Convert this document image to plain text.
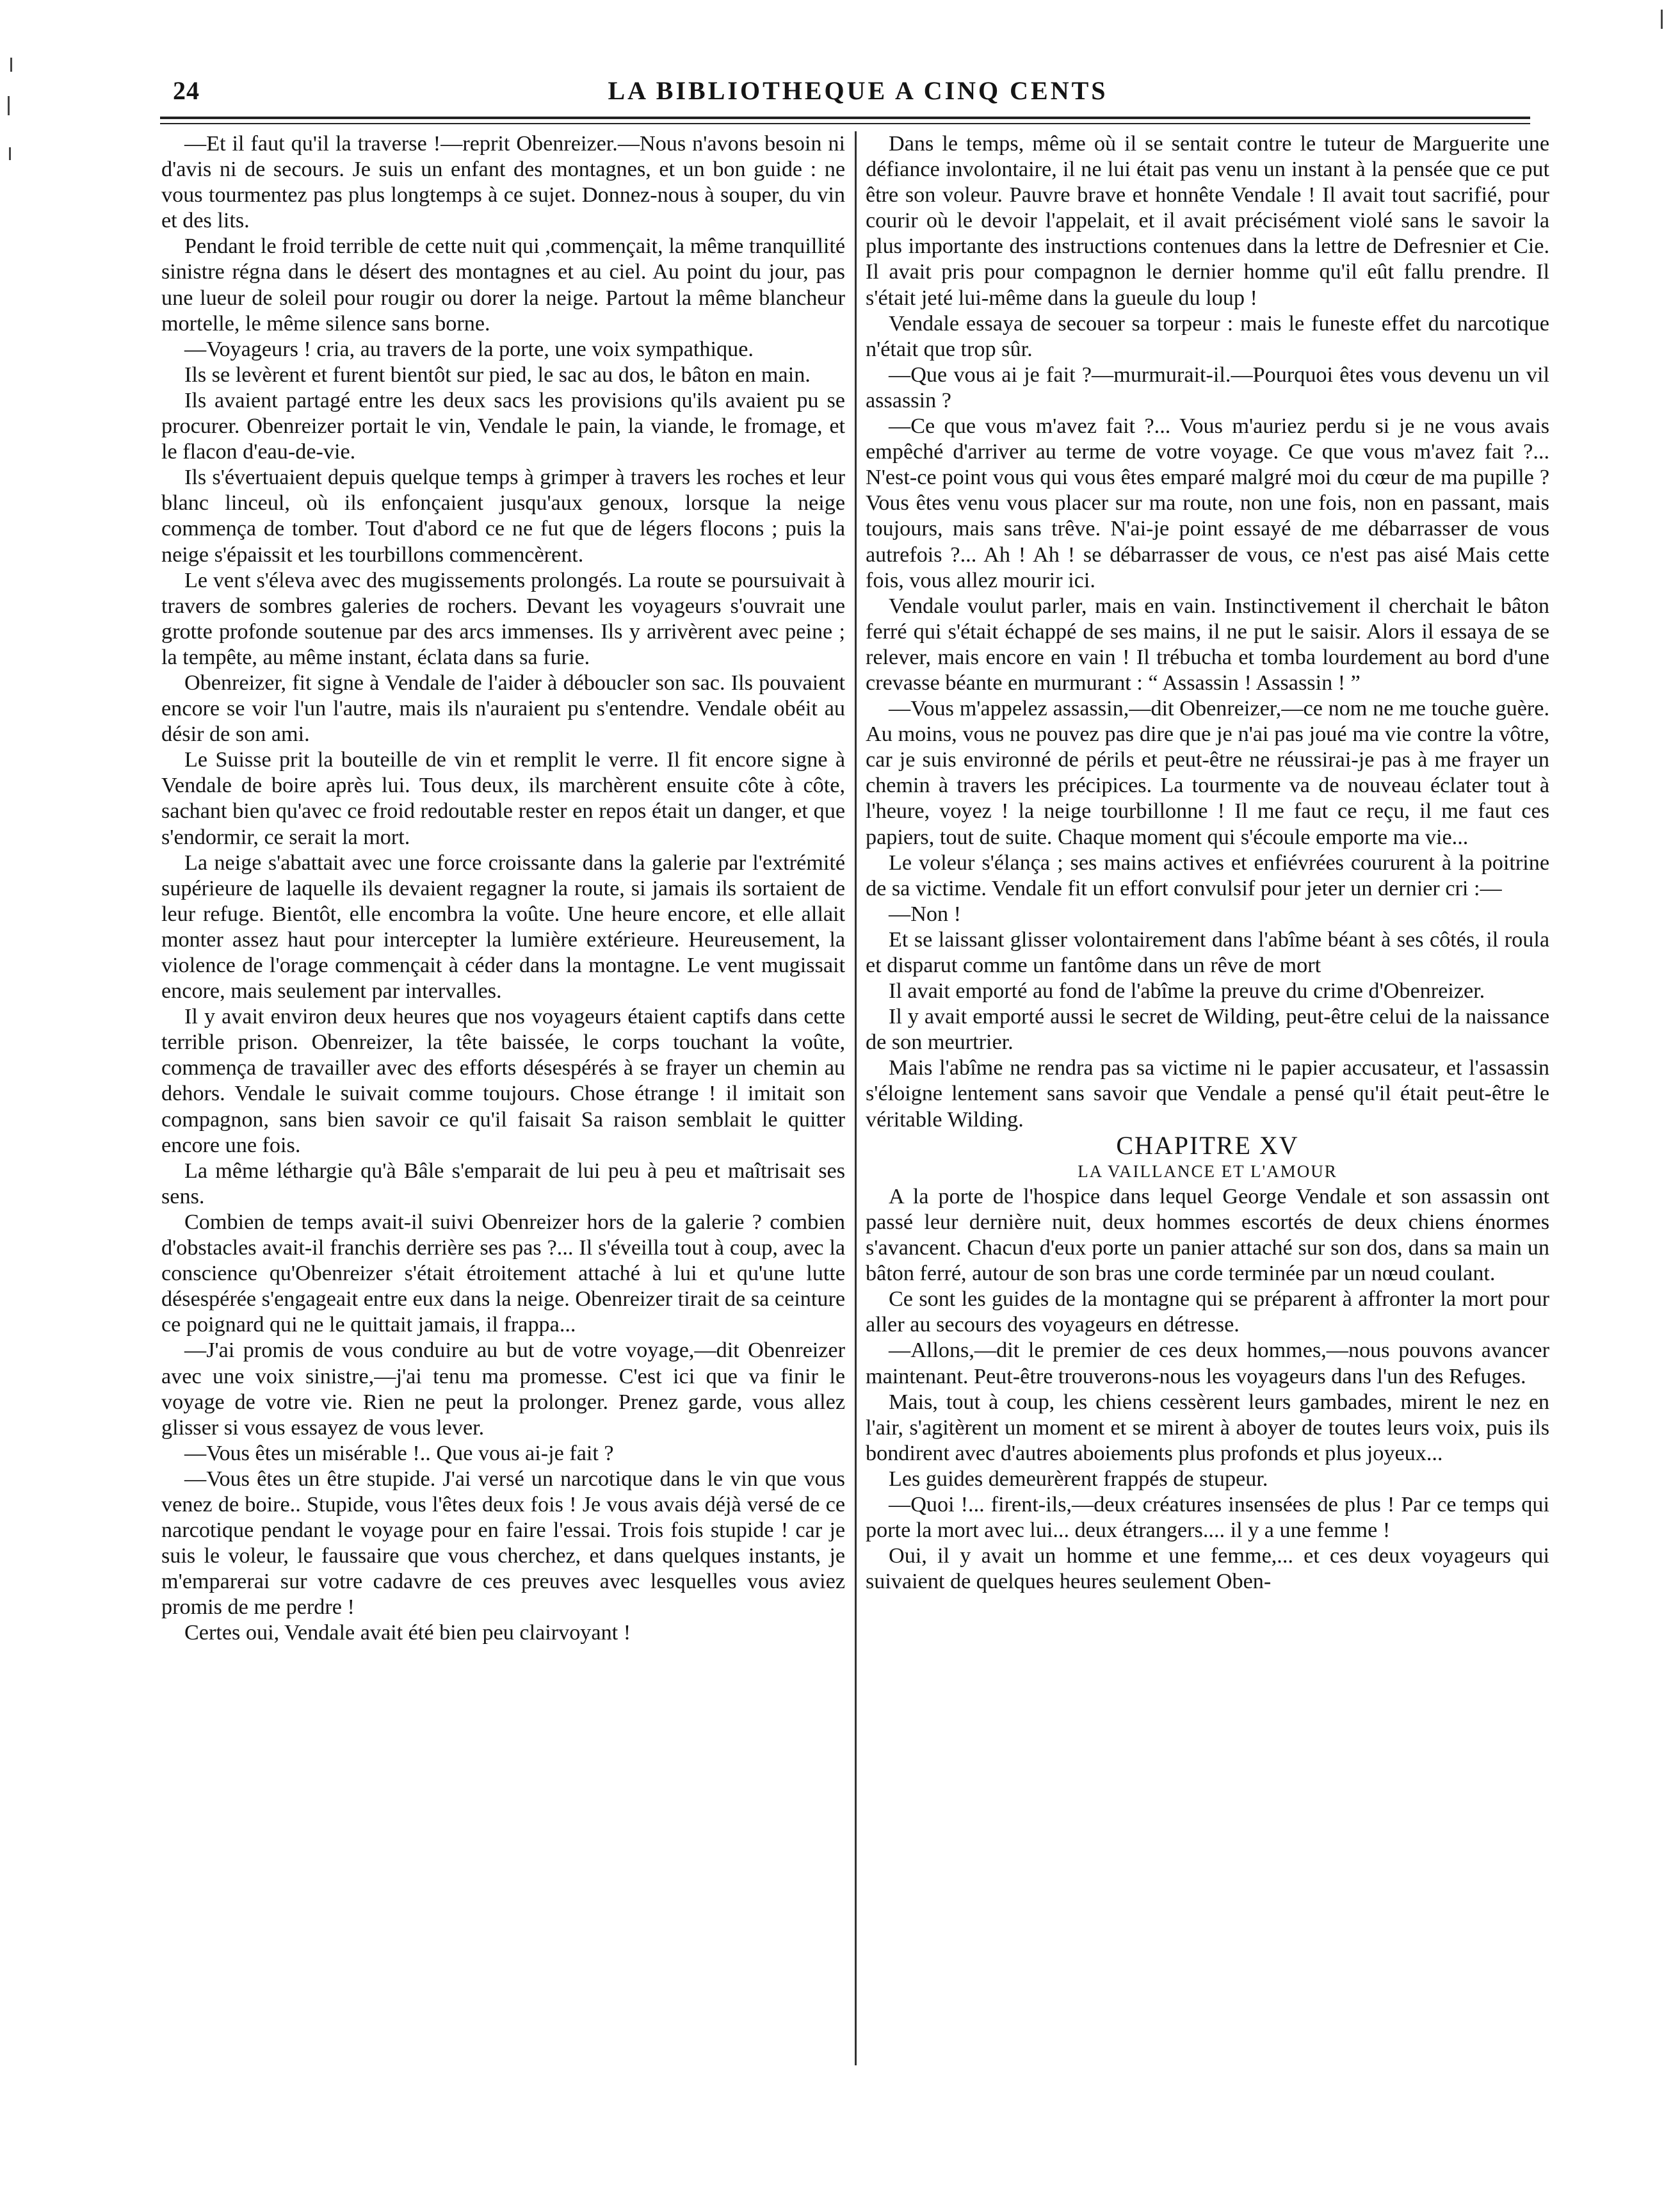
24	LA BIBLIOTHEQUE A CINQ CENTS

—Et il faut qu'il la traverse !—reprit Obenreizer.—Nous n'avons besoin ni d'avis ni de secours. Je suis un enfant des montagnes, et un bon guide : ne vous tourmentez pas plus longtemps à ce sujet. Donnez-nous à souper, du vin et des lits.

Pendant le froid terrible de cette nuit qui ,commençait, la même tranquillité sinistre régna dans le désert des montagnes et au ciel. Au point du jour, pas une lueur de soleil pour rougir ou dorer la neige. Partout la même blancheur mortelle, le même silence sans borne.

—Voyageurs ! cria, au travers de la porte, une voix sympathique.

Ils se levèrent et furent bientôt sur pied, le sac au dos, le bâton en main.

Ils avaient partagé entre les deux sacs les provisions qu'ils avaient pu se procurer. Obenreizer portait le vin, Vendale le pain, la viande, le fromage, et le flacon d'eau-de-vie.

Ils s'évertuaient depuis quelque temps à grimper à travers les roches et leur blanc linceul, où ils enfonçaient jusqu'aux genoux, lorsque la neige commença de tomber. Tout d'abord ce ne fut que de légers flocons ; puis la neige s'épaissit et les tourbillons commencèrent.

Le vent s'éleva avec des mugissements prolongés. La route se poursuivait à travers de sombres galeries de rochers. Devant les voyageurs s'ouvrait une grotte profonde soutenue par des arcs immenses. Ils y arrivèrent avec peine ; la tempête, au même instant, éclata dans sa furie.

Obenreizer, fit signe à Vendale de l'aider à déboucler son sac. Ils pouvaient encore se voir l'un l'autre, mais ils n'auraient pu s'entendre. Vendale obéit au désir de son ami.

Le Suisse prit la bouteille de vin et remplit le verre. Il fit encore signe à Vendale de boire après lui. Tous deux, ils marchèrent ensuite côte à côte, sachant bien qu'avec ce froid redoutable rester en repos était un danger, et que s'endormir, ce serait la mort.

La neige s'abattait avec une force croissante dans la galerie par l'extrémité supérieure de laquelle ils devaient regagner la route, si jamais ils sortaient de leur refuge. Bientôt, elle encombra la voûte. Une heure encore, et elle allait monter assez haut pour intercepter la lumière extérieure. Heureusement, la violence de l'orage commençait à céder dans la montagne. Le vent mugissait encore, mais seulement par intervalles.

Il y avait environ deux heures que nos voyageurs étaient captifs dans cette terrible prison. Obenreizer, la tête baissée, le corps touchant la voûte, commença de travailler avec des efforts désespérés à se frayer un chemin au dehors. Vendale le suivait comme toujours. Chose étrange ! il imitait son compagnon, sans bien savoir ce qu'il faisait Sa raison semblait le quitter encore une fois.

La même léthargie qu'à Bâle s'emparait de lui peu à peu et maîtrisait ses sens.

Combien de temps avait-il suivi Obenreizer hors de la galerie ? combien d'obstacles avait-il franchis derrière ses pas ?... Il s'éveilla tout à coup, avec la conscience qu'Obenreizer s'était étroitement attaché à lui et qu'une lutte désespérée s'engageait entre eux dans la neige. Obenreizer tirait de sa ceinture ce poignard qui ne le quittait jamais, il frappa...

—J'ai promis de vous conduire au but de votre voyage,—dit Obenreizer avec une voix sinistre,—j'ai tenu ma promesse. C'est ici que va finir le voyage de votre vie. Rien ne peut la prolonger. Prenez garde, vous allez glisser si vous essayez de vous lever.

—Vous êtes un misérable !.. Que vous ai-je fait ?

—Vous êtes un être stupide. J'ai versé un narcotique dans le vin que vous venez de boire.. Stupide, vous l'êtes deux fois ! Je vous avais déjà versé de ce narcotique pendant le voyage pour en faire l'essai. Trois fois stupide ! car je suis le voleur, le faussaire que vous cherchez, et dans quelques instants, je m'emparerai sur votre cadavre de ces preuves avec lesquelles vous aviez promis de me perdre !

Certes oui, Vendale avait été bien peu clairvoyant !

Dans le temps, même où il se sentait contre le tuteur de Marguerite une défiance involontaire, il ne lui était pas venu un instant à la pensée que ce put être son voleur. Pauvre brave et honnête Vendale ! Il avait tout sacrifié, pour courir où le devoir l'appelait, et il avait précisément violé sans le savoir la plus importante des instructions contenues dans la lettre de Defresnier et Cie. Il avait pris pour compagnon le dernier homme qu'il eût fallu prendre. Il s'était jeté lui-même dans la gueule du loup !

Vendale essaya de secouer sa torpeur : mais le funeste effet du narcotique n'était que trop sûr.

—Que vous ai je fait ?—murmurait-il.—Pourquoi êtes vous devenu un vil assassin ?

—Ce que vous m'avez fait ?... Vous m'auriez perdu si je ne vous avais empêché d'arriver au terme de votre voyage. Ce que vous m'avez fait ?... N'est-ce point vous qui vous êtes emparé malgré moi du cœur de ma pupille ? Vous êtes venu vous placer sur ma route, non une fois, non en passant, mais toujours, mais sans trêve. N'ai-je point essayé de me débarrasser de vous autrefois ?... Ah ! Ah ! se débarrasser de vous, ce n'est pas aisé Mais cette fois, vous allez mourir ici.

Vendale voulut parler, mais en vain. Instinctivement il cherchait le bâton ferré qui s'était échappé de ses mains, il ne put le saisir. Alors il essaya de se relever, mais encore en vain ! Il trébucha et tomba lourdement au bord d'une crevasse béante en murmurant : “ Assassin ! Assassin ! ”

—Vous m'appelez assassin,—dit Obenreizer,—ce nom ne me touche guère. Au moins, vous ne pouvez pas dire que je n'ai pas joué ma vie contre la vôtre, car je suis environné de périls et peut-être ne réussirai-je pas à me frayer un chemin à travers les précipices. La tourmente va de nouveau éclater tout à l'heure, voyez ! la neige tourbillonne ! Il me faut ce reçu, il me faut ces papiers, tout de suite. Chaque moment qui s'écoule emporte ma vie...

Le voleur s'élança ; ses mains actives et enfiévrées coururent à la poitrine de sa victime. Vendale fit un effort convulsif pour jeter un dernier cri :—

—Non !

Et se laissant glisser volontairement dans l'abîme béant à ses côtés, il roula et disparut comme un fantôme dans un rêve de mort

Il avait emporté au fond de l'abîme la preuve du crime d'Obenreizer.

Il y avait emporté aussi le secret de Wilding, peut-être celui de la naissance de son meurtrier.

Mais l'abîme ne rendra pas sa victime ni le papier accusateur, et l'assassin s'éloigne lentement sans savoir que Vendale a pensé qu'il était peut-être le véritable Wilding.

CHAPITRE XV

LA VAILLANCE ET L'AMOUR

A la porte de l'hospice dans lequel George Vendale et son assassin ont passé leur dernière nuit, deux hommes escortés de deux chiens énormes s'avancent. Chacun d'eux porte un panier attaché sur son dos, dans sa main un bâton ferré, autour de son bras une corde terminée par un nœud coulant.

Ce sont les guides de la montagne qui se préparent à affronter la mort pour aller au secours des voyageurs en détresse.

—Allons,—dit le premier de ces deux hommes,—nous pouvons avancer maintenant. Peut-être trouverons-nous les voyageurs dans l'un des Refuges.

Mais, tout à coup, les chiens cessèrent leurs gambades, mirent le nez en l'air, s'agitèrent un moment et se mirent à aboyer de toutes leurs voix, puis ils bondirent avec d'autres aboiements plus profonds et plus joyeux...

Les guides demeurèrent frappés de stupeur.

—Quoi !... firent-ils,—deux créatures insensées de plus ! Par ce temps qui porte la mort avec lui... deux étrangers.... il y a une femme !

Oui, il y avait un homme et une femme,... et ces deux voyageurs qui suivaient de quelques heures seulement Oben-
